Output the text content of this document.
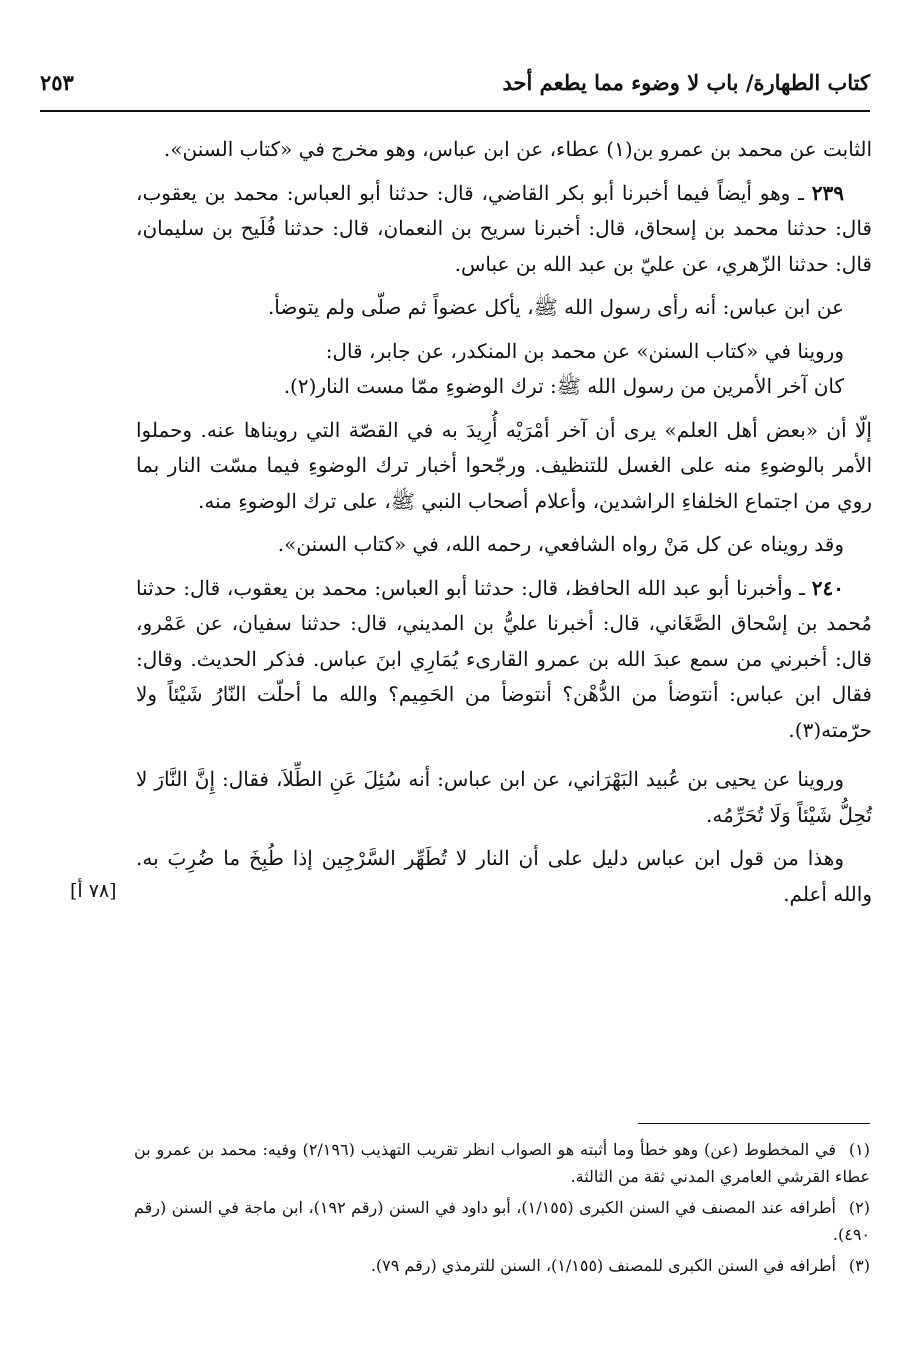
كتاب الطهارة/ باب لا وضوء مما يطعم أحد
٢٥٣

الثابت عن محمد بن عمرو بن(١) عطاء، عن ابن عباس، وهو مخرج في «كتاب السنن».

٢٣٩ ـ وهو أيضاً فيما أخبرنا أبو بكر القاضي، قال: حدثنا أبو العباس: محمد بن يعقوب، قال: حدثنا محمد بن إسحاق، قال: أخبرنا سريح بن النعمان، قال: حدثنا فُلَيح بن سليمان، قال: حدثنا الزّهري، عن عليّ بن عبد الله بن عباس.

عن ابن عباس: أنه رأى رسول الله ﷺ، يأكل عضواً ثم صلّى ولم يتوضأ.

وروينا في «كتاب السنن» عن محمد بن المنكدر، عن جابر، قال:

كان آخر الأمرين من رسول الله ﷺ: ترك الوضوءِ ممّا مست النار(٢).

إلّا أن «بعض أهل العلم» يرى أن آخر أمْرَيْه أُرِيدَ به في القصّة التي رويناها عنه. وحملوا الأمر بالوضوءِ منه على الغسل للتنظيف. ورجّحوا أخبار ترك الوضوءِ فيما مسّت النار بما روي من اجتماع الخلفاءِ الراشدين، وأعلام أصحاب النبي ﷺ، على ترك الوضوءِ منه.

وقد رويناه عن كل مَنْ رواه الشافعي، رحمه الله، في «كتاب السنن».

٢٤٠ ـ وأخبرنا أبو عبد الله الحافظ، قال: حدثنا أبو العباس: محمد بن يعقوب، قال: حدثنا مُحمد بن إسْحاق الصَّغَاني، قال: أخبرنا عليُّ بن المديني، قال: حدثنا سفيان، عن عَمْرو، قال: أخبرني من سمع عبدَ الله بن عمرو القارىء يُمَارِي ابنَ عباس. فذكر الحديث. وقال: فقال ابن عباس: أنتوضأ من الدُّهْن؟ أنتوضأ من الحَمِيم؟ والله ما أحلّت النّارُ شَيْئاً ولا حرّمته(٣).

وروينا عن يحيى بن عُبيد البَهْرَاني، عن ابن عباس: أنه سُئِلَ عَنِ الطِّلاَ، فقال: إِنَّ النَّارَ لا تُحِلُّ شَيْئاً وَلَا تُحَرِّمُه.

وهذا من قول ابن عباس دليل على أن النار لا تُطَهِّر السَّرْجِين إذا طُبِخَ ما ضُرِبَ به. والله أعلم.

[٧٨ أ]

(١)في المخطوط (عن) وهو خطأ وما أثبته هو الصواب انظر تقريب التهذيب (٢/١٩٦) وفيه: محمد بن عمرو بن عطاء القرشي العامري المدني ثقة من الثالثة.

(٢)أطرافه عند المصنف في السنن الكبرى (١/١٥٥)، أبو داود في السنن (رقم ١٩٢)، ابن ماجة في السنن (رقم ٤٩٠).

(٣)أطرافه في السنن الكبرى للمصنف (١/١٥٥)، السنن للترمذي (رقم ٧٩).
